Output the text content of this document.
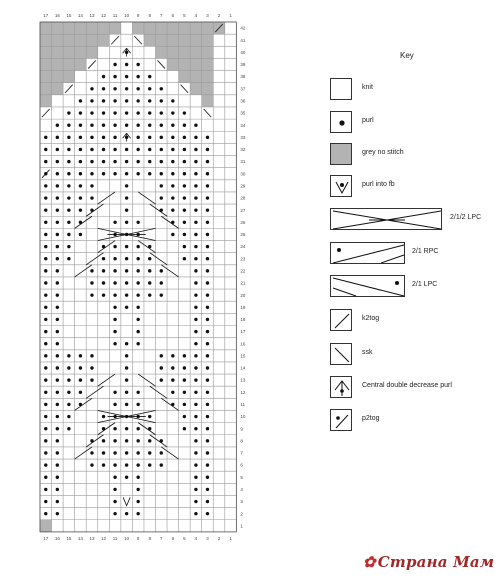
17
17
16
16
15
15
14
14
13
13
12
12
11
11
10
10
9
9
8
8
7
7
6
6
5
5
4
4
3
3
2
2
1
1
42
41
40
39
38
37
36
35
34
33
32
31
30
29
28
27
26
25
24
23
22
21
20
19
18
17
16
15
14
13
12
11
10
9
8
7
6
5
4
3
2
1
Key
knit
purl
grey no stitch
purl into fb
2/1/2 LPC
2/1 RPC
2/1 LPC
k2tog
ssk
Central double decrease purl
p2tog
✿ Страна Мам
